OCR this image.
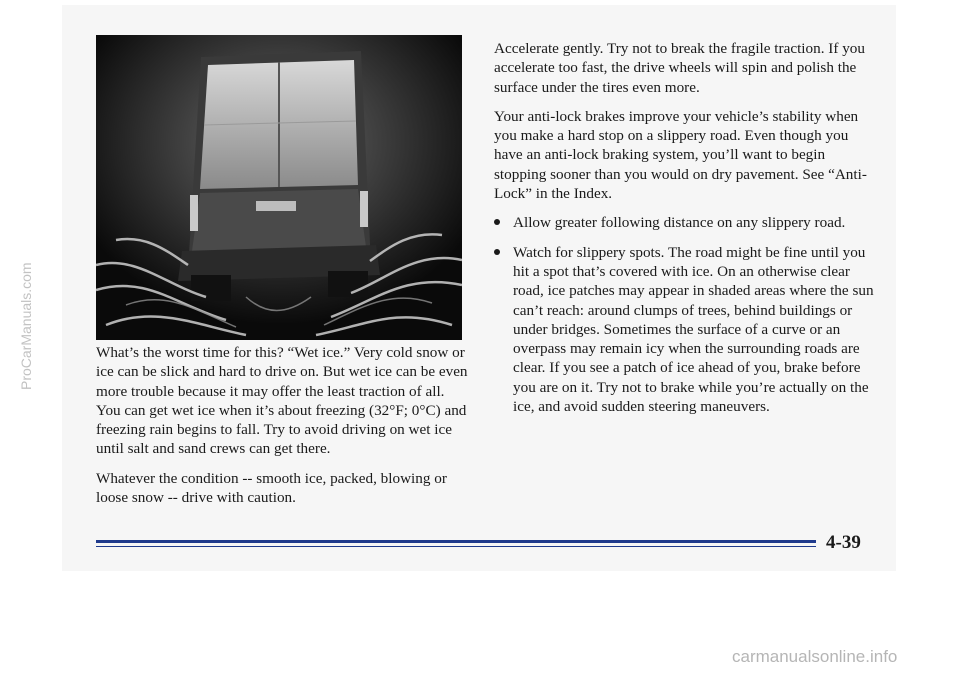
What’s the worst time for this? “Wet ice.” Very cold snow or ice can be slick and hard to drive on. But wet ice can be even more trouble because it may offer the least traction of all. You can get wet ice when it’s about freezing (32°F; 0°C) and freezing rain begins to fall. Try to avoid driving on wet ice until salt and sand crews can get there.

Whatever the condition -- smooth ice, packed, blowing or loose snow -- drive with caution.

Accelerate gently. Try not to break the fragile traction. If you accelerate too fast, the drive wheels will spin and polish the surface under the tires even more.

Your anti-lock brakes improve your vehicle’s stability when you make a hard stop on a slippery road. Even though you have an anti-lock braking system, you’ll want to begin stopping sooner than you would on dry pavement. See “Anti-Lock” in the Index.

Allow greater following distance on any slippery road.
Watch for slippery spots. The road might be fine until you hit a spot that’s covered with ice. On an otherwise clear road, ice patches may appear in shaded areas where the sun can’t reach: around clumps of trees, behind buildings or under bridges. Sometimes the surface of a curve or an overpass may remain icy when the surrounding roads are clear. If you see a patch of ice ahead of you, brake before you are on it. Try not to brake while you’re actually on the ice, and avoid sudden steering maneuvers.
4-39
ProCarManuals.com
carmanualsonline.info
